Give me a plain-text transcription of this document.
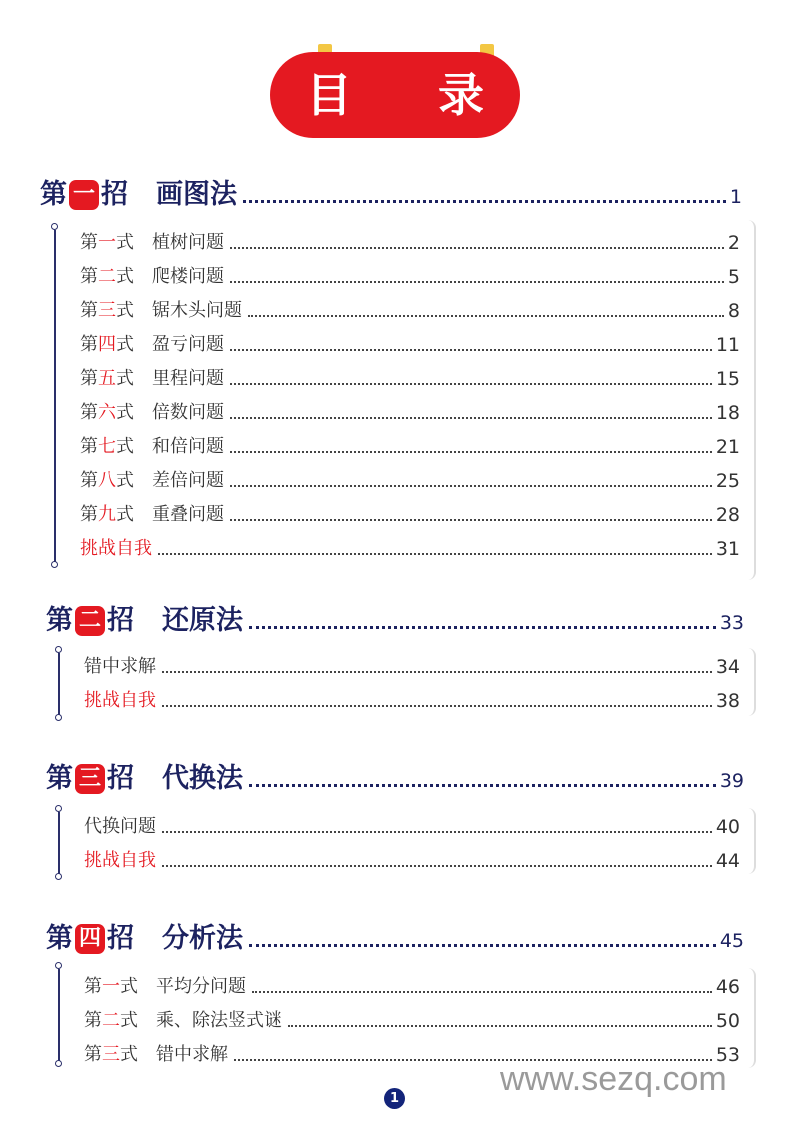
目 录
第 一 招 画图法	1
第一式 植树问题	2
第二式 爬楼问题	5
第三式 锯木头问题	8
第四式 盈亏问题	11
第五式 里程问题	15
第六式 倍数问题	18
第七式 和倍问题	21
第八式 差倍问题	25
第九式 重叠问题	28
挑战自我	31
第 二 招 还原法	33
错中求解	34
挑战自我	38
第 三 招 代换法	39
代换问题	40
挑战自我	44
第 四 招 分析法	45
第一式 平均分问题	46
第二式 乘、除法竖式谜	50
第三式 错中求解	53
www.sezq.com
1
